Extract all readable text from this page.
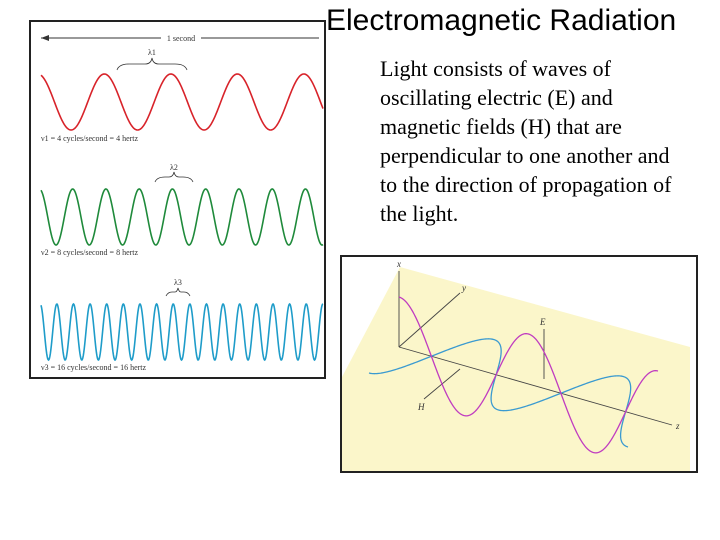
Electromagnetic Radiation
Light consists of waves of oscillating electric (E) and magnetic fields (H) that are perpendicular to one another and to the direction of propagation of the light.
1 second
λ1
ν1 = 4 cycles/second = 4 hertz
λ2
ν2 = 8 cycles/second = 8 hertz
λ3
ν3 = 16 cycles/second = 16 hertz
x
y
z
E
H
